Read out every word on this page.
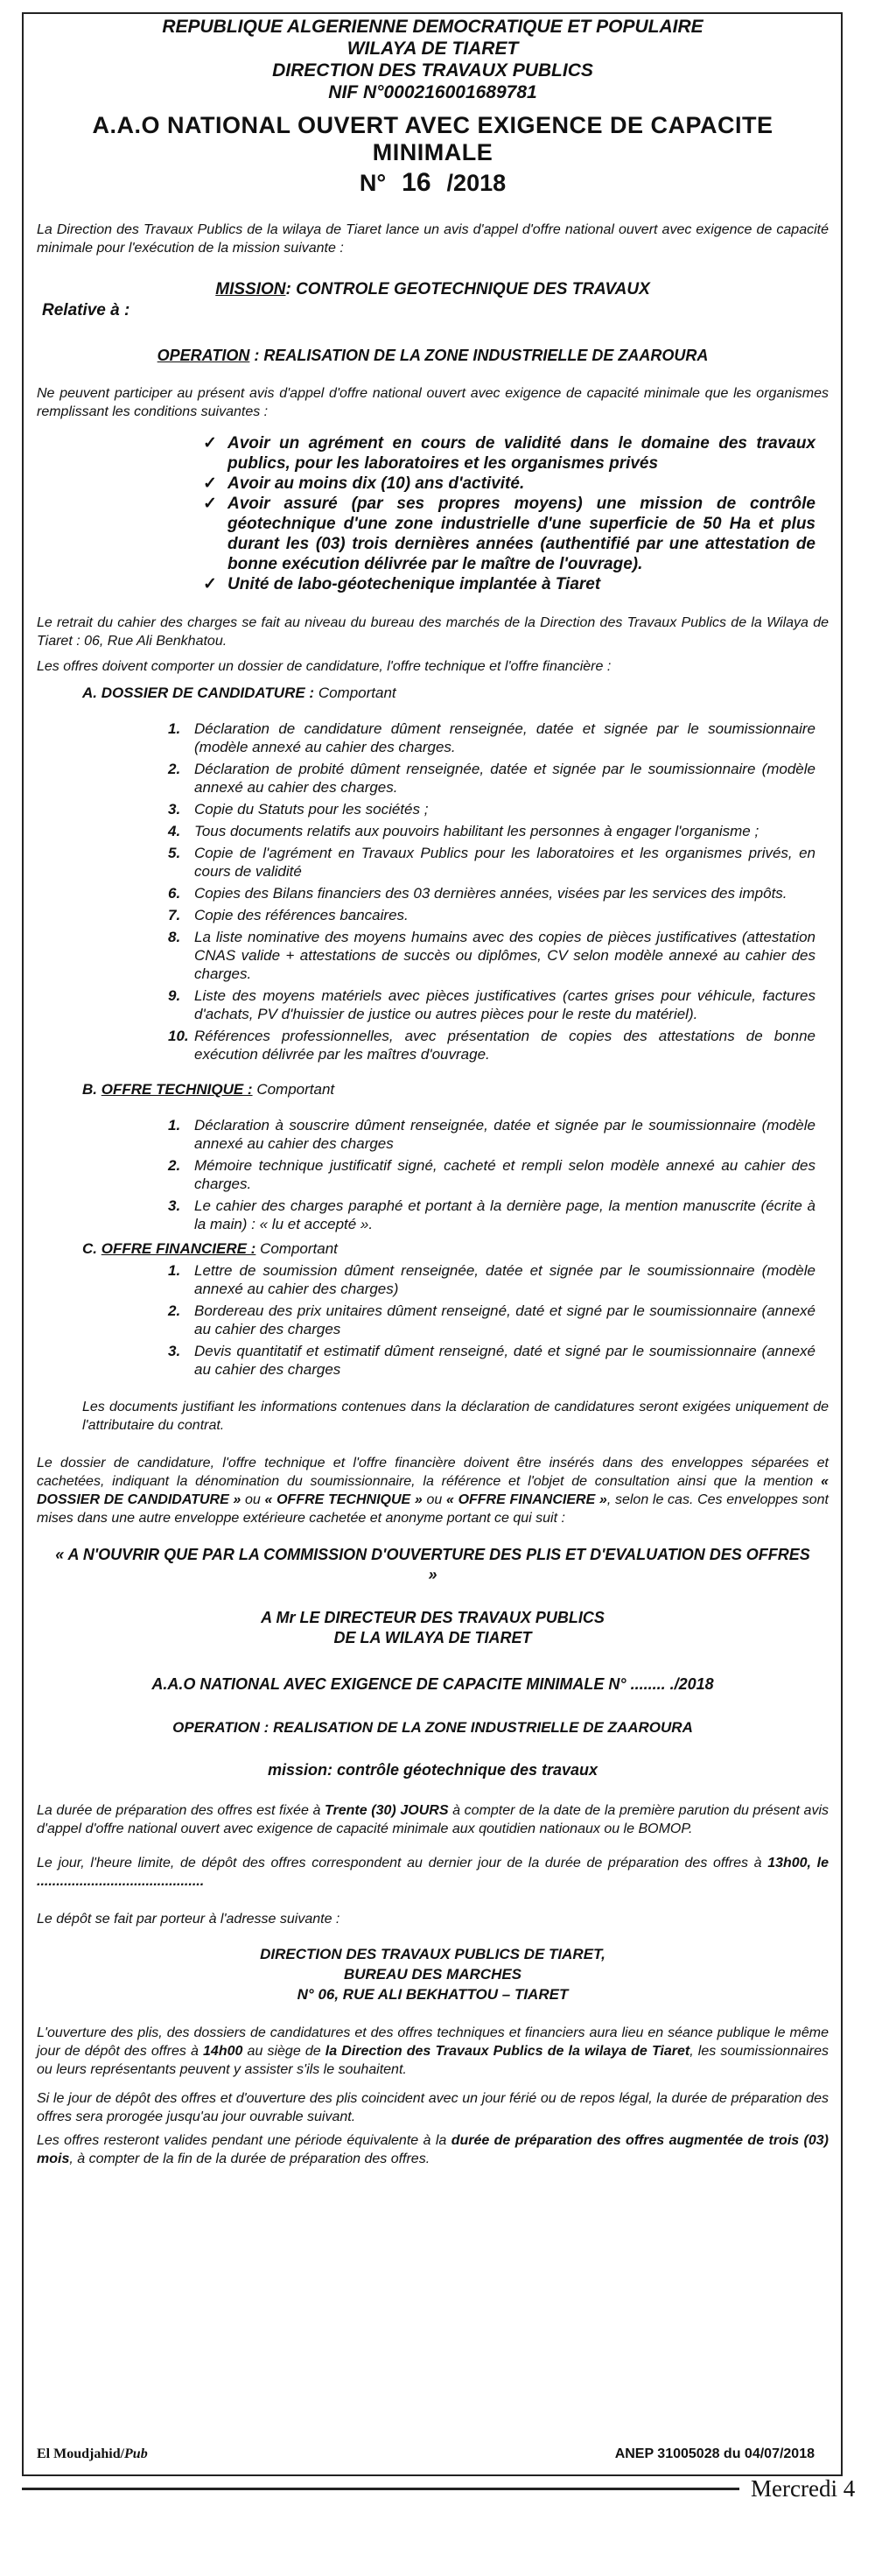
REPUBLIQUE ALGERIENNE DEMOCRATIQUE ET POPULAIRE
WILAYA DE TIARET
DIRECTION DES TRAVAUX PUBLICS
NIF N°000216001689781
A.A.O NATIONAL OUVERT AVEC EXIGENCE DE CAPACITE MINIMALE
N° 16 /2018

La Direction des Travaux Publics de la wilaya de Tiaret lance un avis d'appel d'offre national ouvert avec exigence de capacité minimale pour l'exécution de la mission suivante :

MISSION: CONTROLE GEOTECHNIQUE DES TRAVAUX
Relative à :
OPERATION : REALISATION DE LA ZONE INDUSTRIELLE DE ZAAROURA

Ne peuvent participer au présent avis d'appel d'offre national ouvert avec exigence de capacité minimale que les organismes remplissant les conditions suivantes :

✓ Avoir un agrément en cours de validité dans le domaine des travaux publics, pour les laboratoires et les organismes privés
✓ Avoir au moins dix (10) ans d'activité.
✓ Avoir assuré (par ses propres moyens) une mission de contrôle géotechnique d'une zone industrielle d'une superficie de 50 Ha et plus durant les (03) trois dernières années (authentifié par une attestation de bonne exécution délivrée par le maître de l'ouvrage).
✓ Unité de labo-géotechenique implantée à Tiaret

Le retrait du cahier des charges se fait au niveau du bureau des marchés de la Direction des Travaux Publics de la Wilaya de Tiaret : 06, Rue Ali Benkhatou.

Les offres doivent comporter un dossier de candidature, l'offre technique et l'offre financière :

A. DOSSIER DE CANDIDATURE : Comportant
1. Déclaration de candidature dûment renseignée, datée et signée par le soumissionnaire (modèle annexé au cahier des charges.
2. Déclaration de probité dûment renseignée, datée et signée par le soumissionnaire (modèle annexé au cahier des charges.
3. Copie du Statuts pour les sociétés ;
4. Tous documents relatifs aux pouvoirs habilitant les personnes à engager l'organisme ;
5. Copie de l'agrément en Travaux Publics pour les laboratoires et les organismes privés, en cours de validité
6. Copies des Bilans financiers des 03 dernières années, visées par les services des impôts.
7. Copie des références bancaires.
8. La liste nominative des moyens humains avec des copies de pièces justificatives (attestation CNAS valide + attestations de succès ou diplômes, CV selon modèle annexé au cahier des charges.
9. Liste des moyens matériels avec pièces justificatives (cartes grises pour véhicule, factures d'achats, PV d'huissier de justice ou autres pièces pour le reste du matériel).
10. Références professionnelles, avec présentation de copies des attestations de bonne exécution délivrée par les maîtres d'ouvrage.
B. OFFRE TECHNIQUE : Comportant
1. Déclaration à souscrire dûment renseignée, datée et signée par le soumissionnaire (modèle annexé au cahier des charges
2. Mémoire technique justificatif signé, cacheté et rempli selon modèle annexé au cahier des charges.
3. Le cahier des charges paraphé et portant à la dernière page, la mention manuscrite (écrite à la main) : « lu et accepté ».
C. OFFRE FINANCIERE : Comportant
1. Lettre de soumission dûment renseignée, datée et signée par le soumissionnaire (modèle annexé au cahier des charges)
2. Bordereau des prix unitaires dûment renseigné, daté et signé par le soumissionnaire (annexé au cahier des charges
3. Devis quantitatif et estimatif dûment renseigné, daté et signé par le soumissionnaire (annexé au cahier des charges

Les documents justifiant les informations contenues dans la déclaration de candidatures seront exigées uniquement de l'attributaire du contrat.

Le dossier de candidature, l'offre technique et l'offre financière doivent être insérés dans des enveloppes séparées et cachetées, indiquant la dénomination du soumissionnaire, la référence et l'objet de consultation ainsi que la mention « DOSSIER DE CANDIDATURE » ou « OFFRE TECHNIQUE » ou « OFFRE FINANCIERE », selon le cas. Ces enveloppes sont mises dans une autre enveloppe extérieure cachetée et anonyme portant ce qui suit :

« A N'OUVRIR QUE PAR LA COMMISSION D'OUVERTURE DES PLIS ET D'EVALUATION DES OFFRES »
A Mr LE DIRECTEUR DES TRAVAUX PUBLICS
DE LA WILAYA DE TIARET
A.A.O NATIONAL AVEC EXIGENCE DE CAPACITE MINIMALE N° ........ ./2018
OPERATION : REALISATION DE LA ZONE INDUSTRIELLE DE ZAAROURA
mission: contrôle géotechnique des travaux

La durée de préparation des offres est fixée à Trente (30) JOURS à compter de la date de la première parution du présent avis d'appel d'offre national ouvert avec exigence de capacité minimale aux qoutidien nationaux ou le BOMOP.

Le jour, l'heure limite, de dépôt des offres correspondent au dernier jour de la durée de préparation des offres à 13h00, le ...........................................

Le dépôt se fait par porteur à l'adresse suivante :

DIRECTION DES TRAVAUX PUBLICS DE TIARET,
BUREAU DES MARCHES
N° 06, RUE ALI BEKHATTOU – TIARET

L'ouverture des plis, des dossiers de candidatures et des offres techniques et financiers aura lieu en séance publique le même jour de dépôt des offres à 14h00 au siège de la Direction des Travaux Publics de la wilaya de Tiaret, les soumissionnaires ou leurs représentants peuvent y assister s'ils le souhaitent.

Si le jour de dépôt des offres et d'ouverture des plis coincident avec un jour férié ou de repos légal, la durée de préparation des offres sera prorogée jusqu'au jour ouvrable suivant.

Les offres resteront valides pendant une période équivalente à la durée de préparation des offres augmentée de trois (03) mois, à compter de la fin de la durée de préparation des offres.

El Moudjahid/Pub	ANEP 31005028 du 04/07/2018
Mercredi 4
